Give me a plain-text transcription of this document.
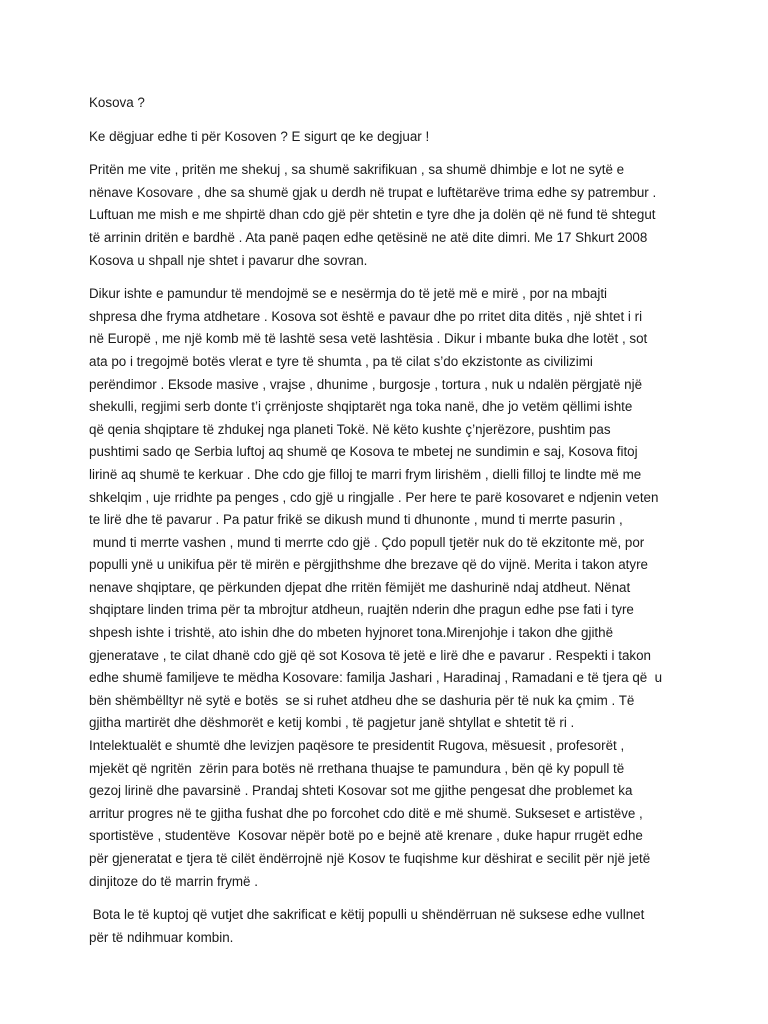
Kosova ?

Ke dëgjuar edhe ti për Kosoven ? E sigurt qe ke degjuar !

Pritën me vite , pritën me shekuj , sa shumë sakrifikuan , sa shumë dhimbje e lot ne sytë e
nënave Kosovare , dhe sa shumë gjak u derdh në trupat e luftëtarëve trima edhe sy patrembur .
Luftuan me mish e me shpirtë dhan cdo gjë për shtetin e tyre dhe ja dolën që në fund të shtegut
të arrinin dritën e bardhë . Ata panë paqen edhe qetësinë ne atë dite dimri. Me 17 Shkurt 2008
Kosova u shpall nje shtet i pavarur dhe sovran.

Dikur ishte e pamundur të mendojmë se e nesërmja do të jetë më e mirë , por na mbajti
shpresa dhe fryma atdhetare . Kosova sot është e pavaur dhe po rritet dita ditës , një shtet i ri
në Europë , me një komb më të lashtë sesa vetë lashtësia . Dikur i mbante buka dhe lotët , sot
ata po i tregojmë botës vlerat e tyre të shumta , pa të cilat s’do ekzistonte as civilizimi
perëndimor . Eksode masive , vrajse , dhunime , burgosje , tortura , nuk u ndalën përgjatë një
shekulli, regjimi serb donte t’i çrrënjoste shqiptarët nga toka nanë, dhe jo vetëm qëllimi ishte
që qenia shqiptare të zhdukej nga planeti Tokë. Në këto kushte ç’njerëzore, pushtim pas
pushtimi sado qe Serbia luftoj aq shumë qe Kosova te mbetej ne sundimin e saj, Kosova fitoj
lirinë aq shumë te kerkuar . Dhe cdo gje filloj te marri frym lirishëm , dielli filloj te lindte më me
shkelqim , uje rridhte pa penges , cdo gjë u ringjalle . Per here te parë kosovaret e ndjenin veten
te lirë dhe të pavarur . Pa patur frikë se dikush mund ti dhunonte , mund ti merrte pasurin ,
mund ti merrte vashen , mund ti merrte cdo gjë . Çdo popull tjetër nuk do të ekzitonte më, por
populli ynë u unikifua për të mirën e përgjithshme dhe brezave që do vijnë. Merita i takon atyre
nenave shqiptare, qe përkunden djepat dhe rritën fëmijët me dashurinë ndaj atdheut. Nënat
shqiptare linden trima për ta mbrojtur atdheun, ruajtën nderin dhe pragun edhe pse fati i tyre
shpesh ishte i trishtë, ato ishin dhe do mbeten hyjnoret tona.Mirenjohje i takon dhe gjithë
gjeneratave , te cilat dhanë cdo gjë që sot Kosova të jetë e lirë dhe e pavarur . Respekti i takon
edhe shumë familjeve te mëdha Kosovare: familja Jashari , Haradinaj , Ramadani e të tjera që  u
bën shëmbëlltyr në sytë e botës  se si ruhet atdheu dhe se dashuria për të nuk ka çmim . Të
gjitha martirët dhe dëshmorët e ketij kombi , të pagjetur janë shtyllat e shtetit të ri .
Intelektualët e shumtë dhe levizjen paqësore te presidentit Rugova, mësuesit , profesorët ,
mjekët që ngritën  zërin para botës në rrethana thuajse te pamundura , bën që ky popull të
gezoj lirinë dhe pavarsinë . Prandaj shteti Kosovar sot me gjithe pengesat dhe problemet ka
arritur progres në te gjitha fushat dhe po forcohet cdo ditë e më shumë. Sukseset e artistëve ,
sportistëve , studentëve  Kosovar nëpër botë po e bejnë atë krenare , duke hapur rrugët edhe
për gjeneratat e tjera të cilët ëndërrojnë një Kosov te fuqishme kur dëshirat e secilit për një jetë
dinjitoze do të marrin frymë .

Bota le të kuptoj që vutjet dhe sakrificat e këtij populli u shëndërruan në suksese edhe vullnet
për të ndihmuar kombin.
